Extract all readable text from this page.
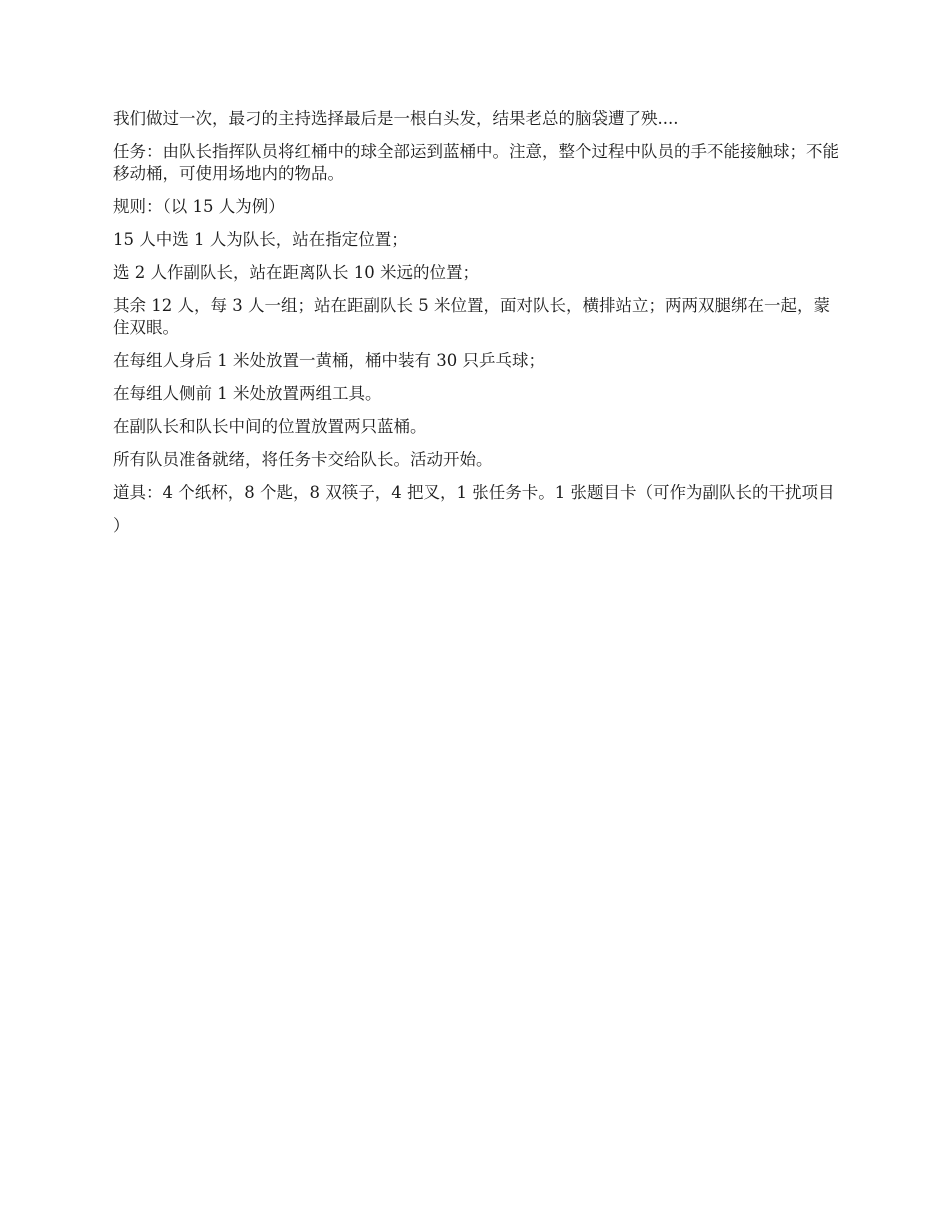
我们做过一次，最刁的主持选择最后是一根白头发，结果老总的脑袋遭了殃....

任务：由队长指挥队员将红桶中的球全部运到蓝桶中。注意，整个过程中队员的手不能接触球；不能移动桶，可使用场地内的物品。

规则：（以 15 人为例）

15 人中选 1 人为队长，站在指定位置；

选 2 人作副队长，站在距离队长 10 米远的位置；

其余 12 人，每 3 人一组；站在距副队长 5 米位置，面对队长，横排站立；两两双腿绑在一起，蒙住双眼。

在每组人身后 1 米处放置一黄桶，桶中装有 30 只乒乓球；

在每组人侧前 1 米处放置两组工具。

在副队长和队长中间的位置放置两只蓝桶。

所有队员准备就绪，将任务卡交给队长。活动开始。

道具：4 个纸杯，8 个匙，8 双筷子，4 把叉，1 张任务卡。1 张题目卡（可作为副队长的干扰项目

）
